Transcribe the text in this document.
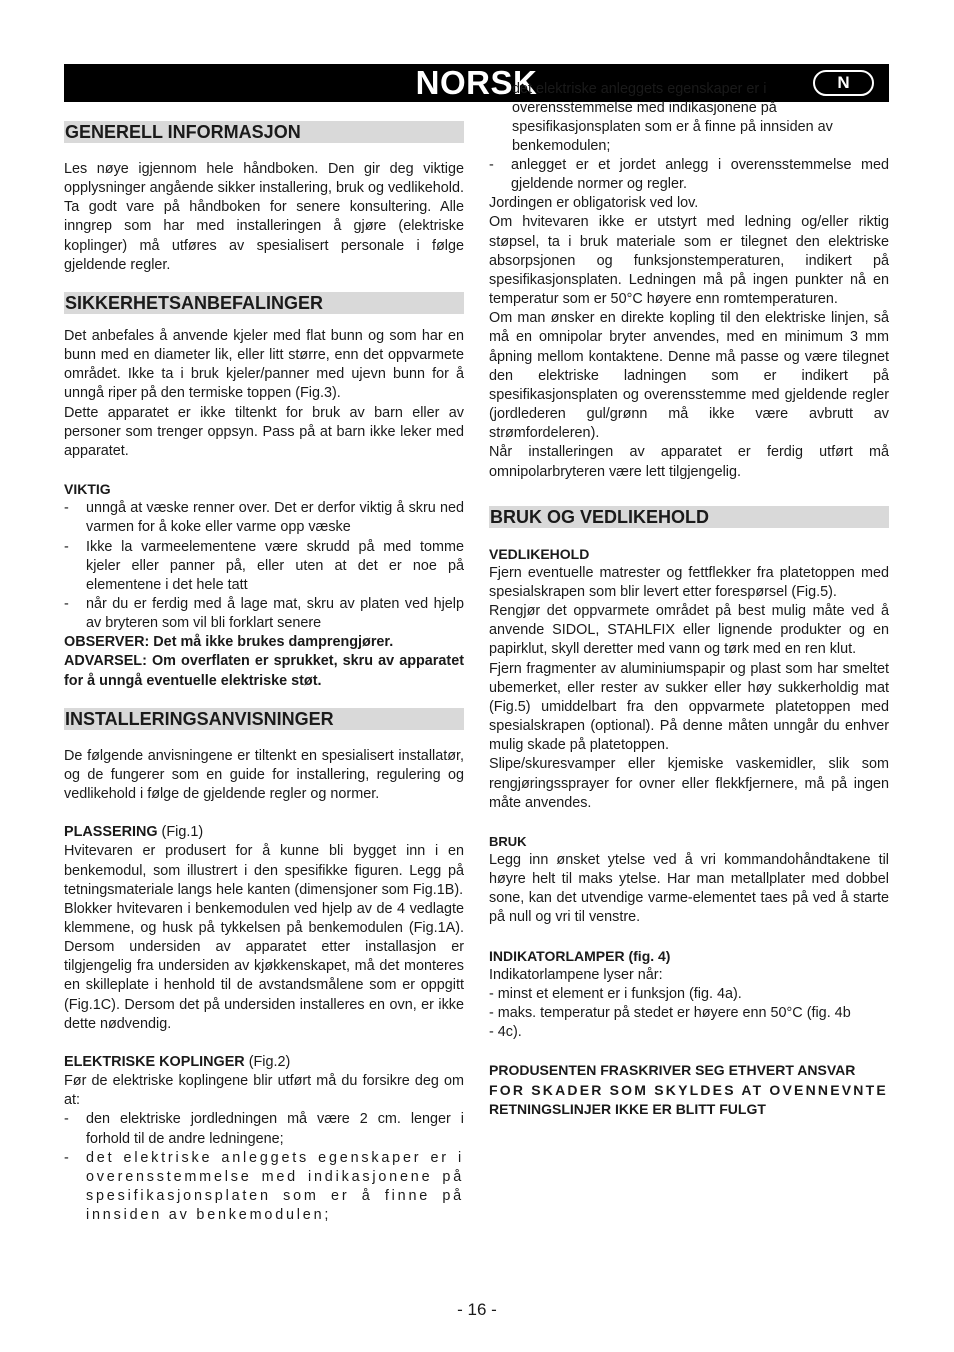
NORSK	N
GENERELL INFORMASJON

Les nøye igjennom hele håndboken. Den gir deg viktige opplysninger angående sikker installering, bruk og vedlikehold.

Ta godt vare på håndboken for senere konsultering. Alle inngrep som har med installeringen å gjøre (elektriske koplinger) må utføres av spesialisert personale i følge gjeldende regler.

SIKKERHETSANBEFALINGER

Det anbefales å anvende kjeler med flat bunn og som har en bunn med en diameter lik, eller litt større, enn det oppvarmete området. Ikke ta i bruk kjeler/panner med ujevn bunn for å unngå riper på den termiske toppen (Fig.3).

Dette apparatet er ikke tiltenkt for bruk av barn eller av personer som trenger oppsyn. Pass på at barn ikke leker med apparatet.

VIKTIG
- unngå at væske renner over. Det er derfor viktig å skru ned varmen for å koke eller varme opp væske
- Ikke la varmeelementene være skrudd på med tomme kjeler eller panner på, eller uten at det er noe på elementene i det hele tatt
- når du er ferdig med å lage mat, skru av platen ved hjelp av bryteren som vil bli forklart senere

OBSERVER: Det må ikke brukes damprengjører.

ADVARSEL: Om overflaten er sprukket, skru av apparatet for å unngå eventuelle elektriske støt.

INSTALLERINGSANVISNINGER

De følgende anvisningene er tiltenkt en spesialisert installatør, og de fungerer som en guide for installering, regulering og vedlikehold i følge de gjeldende regler og normer.

PLASSERING (Fig.1)

Hvitevaren er produsert for å kunne bli bygget inn i en benkemodul, som illustrert i den spesifikke figuren. Legg på tetningsmateriale langs hele kanten (dimensjoner som Fig.1B).

Blokker hvitevaren i benkemodulen ved hjelp av de 4 vedlagte klemmene, og husk på tykkelsen på benkemodulen (Fig.1A). Dersom undersiden av apparatet etter installasjon er tilgjengelig fra undersiden av kjøkkenskapet, må det monteres en skilleplate i henhold til de avstandsmålene som er oppgitt (Fig.1C). Dersom det på undersiden installeres en ovn, er ikke dette nødvendig.

ELEKTRISKE KOPLINGER (Fig.2)

Før de elektriske koplingene blir utført må du forsikre deg om at:

- den elektriske jordledningen må være 2 cm. lenger i forhold til de andre ledningene;
- det elektriske anleggets egenskaper er i overensstemmelse med indikasjonene på spesifikasjonsplaten som er å finne på innsiden av benkemodulen;
det elektriske anleggets egenskaper er i overensstemmelse med indikasjonene på spesifikasjonsplaten som er å finne på innsiden av benkemodulen;
- anlegget er et jordet anlegg i overensstemmelse med gjeldende normer og regler.

Jordingen er obligatorisk ved lov.

Om hvitevaren ikke er utstyrt med ledning og/eller riktig støpsel, ta i bruk materiale som er tilegnet den elektriske absorpsjonen og funksjonstemperaturen, indikert på spesifikasjonsplaten. Ledningen må på ingen punkter nå en temperatur som er 50°C høyere enn romtemperaturen.

Om man ønsker en direkte kopling til den elektriske linjen, så må en omnipolar bryter anvendes, med en minimum 3 mm åpning mellom kontaktene. Denne må passe og være tilegnet den elektriske ladningen som er indikert på spesifikasjonsplaten og overensstemme med gjeldende regler (jordlederen gul/grønn må ikke være avbrutt av strømfordeleren).

Når installeringen av apparatet er ferdig utført må omnipolarbryteren være lett tilgjengelig.

BRUK OG VEDLIKEHOLD
VEDLIKEHOLD

Fjern eventuelle matrester og fettflekker fra platetoppen med spesialskrapen som blir levert etter forespørsel (Fig.5).

Rengjør det oppvarmete området på best mulig måte ved å anvende SIDOL, STAHLFIX eller lignende produkter og en papirklut, skyll deretter med vann og tørk med en ren klut.

Fjern fragmenter av aluminiumspapir og plast som har smeltet ubemerket, eller rester av sukker eller høy sukkerholdig mat (Fig.5) umiddelbart fra den oppvarmete platetoppen med spesialskrapen (optional). På denne måten unngår du enhver mulig skade på platetoppen.

Slipe/skuresvamper eller kjemiske vaskemidler, slik som rengjøringssprayer for ovner eller flekkfjernere, må på ingen måte anvendes.

BRUK

Legg inn ønsket ytelse ved å vri kommandohåndtakene til høyre helt til maks ytelse. Har man metallplater med dobbel sone, kan det utvendige varme-elementet taes på ved å starte på null og vri til venstre.

INDIKATORLAMPER (fig. 4)

Indikatorlampene lyser når:

- minst et element er i funksjon (fig. 4a).

- maks. temperatur på stedet er høyere enn 50°C (fig. 4b

- 4c).

PRODUSENTEN FRASKRIVER SEG ETHVERT ANSVAR
FOR SKADER SOM SKYLDES AT OVENNEVNTE
RETNINGSLINJER IKKE ER BLITT FULGT
- 16 -
